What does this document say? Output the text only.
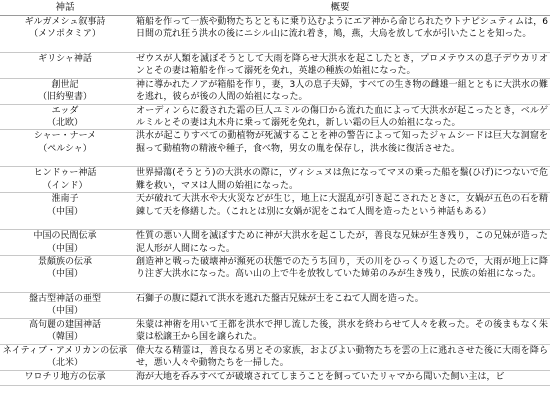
神話	概要

ギルガメシュ叙事詩
（メソポタミア）	箱船を作って一族や動物たちとともに乗り込むようにエア神から命じられたウトナピシュティムは，6日間の荒れ狂う洪水の後にニシル山に流れ着き，鳩，燕，大烏を放して水が引いたことを知った。

ギリシャ神話	ゼウスが人類を滅ぼそうとして大雨を降らせ大洪水を起こしたとき，プロメテウスの息子デウカリオンとその妻は箱船を作って溺死を免れ，英雄の種族の始祖になった。

創世記
（旧約聖書）	神に導かれたノアが箱船を作り，妻，3人の息子夫婦，すべての生き物の雌雄一組とともに大洪水の難を逃れ，彼らが後の人間の始祖になった。

エッダ
（北欧）	オーディンらに殺された霜の巨人ユミルの傷口から流れた血によって大洪水が起こったとき，ベルゲルミルとその妻は丸木舟に乗って溺死を免れ，新しい霜の巨人の始祖になった。

シャー・ナーメ
（ペルシャ）	洪水が起こりすべての動植物が死滅することを神の警告によって知ったジャムシードは巨大な洞窟を掘って動植物の精液や種子，食べ物，男女の胤を保存し，洪水後に復活させた。

ヒンドゥー神話
（インド）	世界掃蕩(そうとう)の大洪水の際に，ヴィシュヌは魚になってマヌの乗った船を鬚(ひげ)につないで危難を救い，マヌは人間の始祖になった。

淮南子
（中国）	天が破れて大洪水や大火災などが生じ，地上に大混乱が引き起こされたときに，女媧が五色の石を精錬して天を修繕した。（これとは別に女媧が泥をこねて人間を造ったという神話もある）

中国の民間伝承
（中国）	性質の悪い人間を滅ぼすために神が大洪水を起こしたが，善良な兄妹が生き残り，この兄妹が造った泥人形が人間になった。

景頗族の伝承
（中国）	創造神と戦った破壊神が瀕死の状態でのたうち回り，天の川をひっくり返したので，大雨が地上に降り注ぎ大洪水になった。高い山の上で牛を放牧していた姉弟のみが生き残り，民族の始祖になった。

盤古型神話の亜型
（中国）	石獅子の腹に隠れて洪水を逃れた盤古兄妹が土をこねて人間を造った。

高句麗の建国神話
（韓国）	朱蒙は神術を用いて王都を洪水で押し流した後，洪水を終わらせて人々を救った。その後まもなく朱蒙は松譲王から国を譲られた。

ネイティブ・アメリカンの伝承
（北米）	偉大なる精霊は，善良なる男とその家族，およびよい動物たちを雲の上に逃れさせた後に大雨を降らせ，悪い人々や動物たちを一掃した。

ワロチリ地方の伝承	海が大地を呑みすべてが破壊されてしまうことを飼っていたリャマから聞いた飼い主は，ビ
